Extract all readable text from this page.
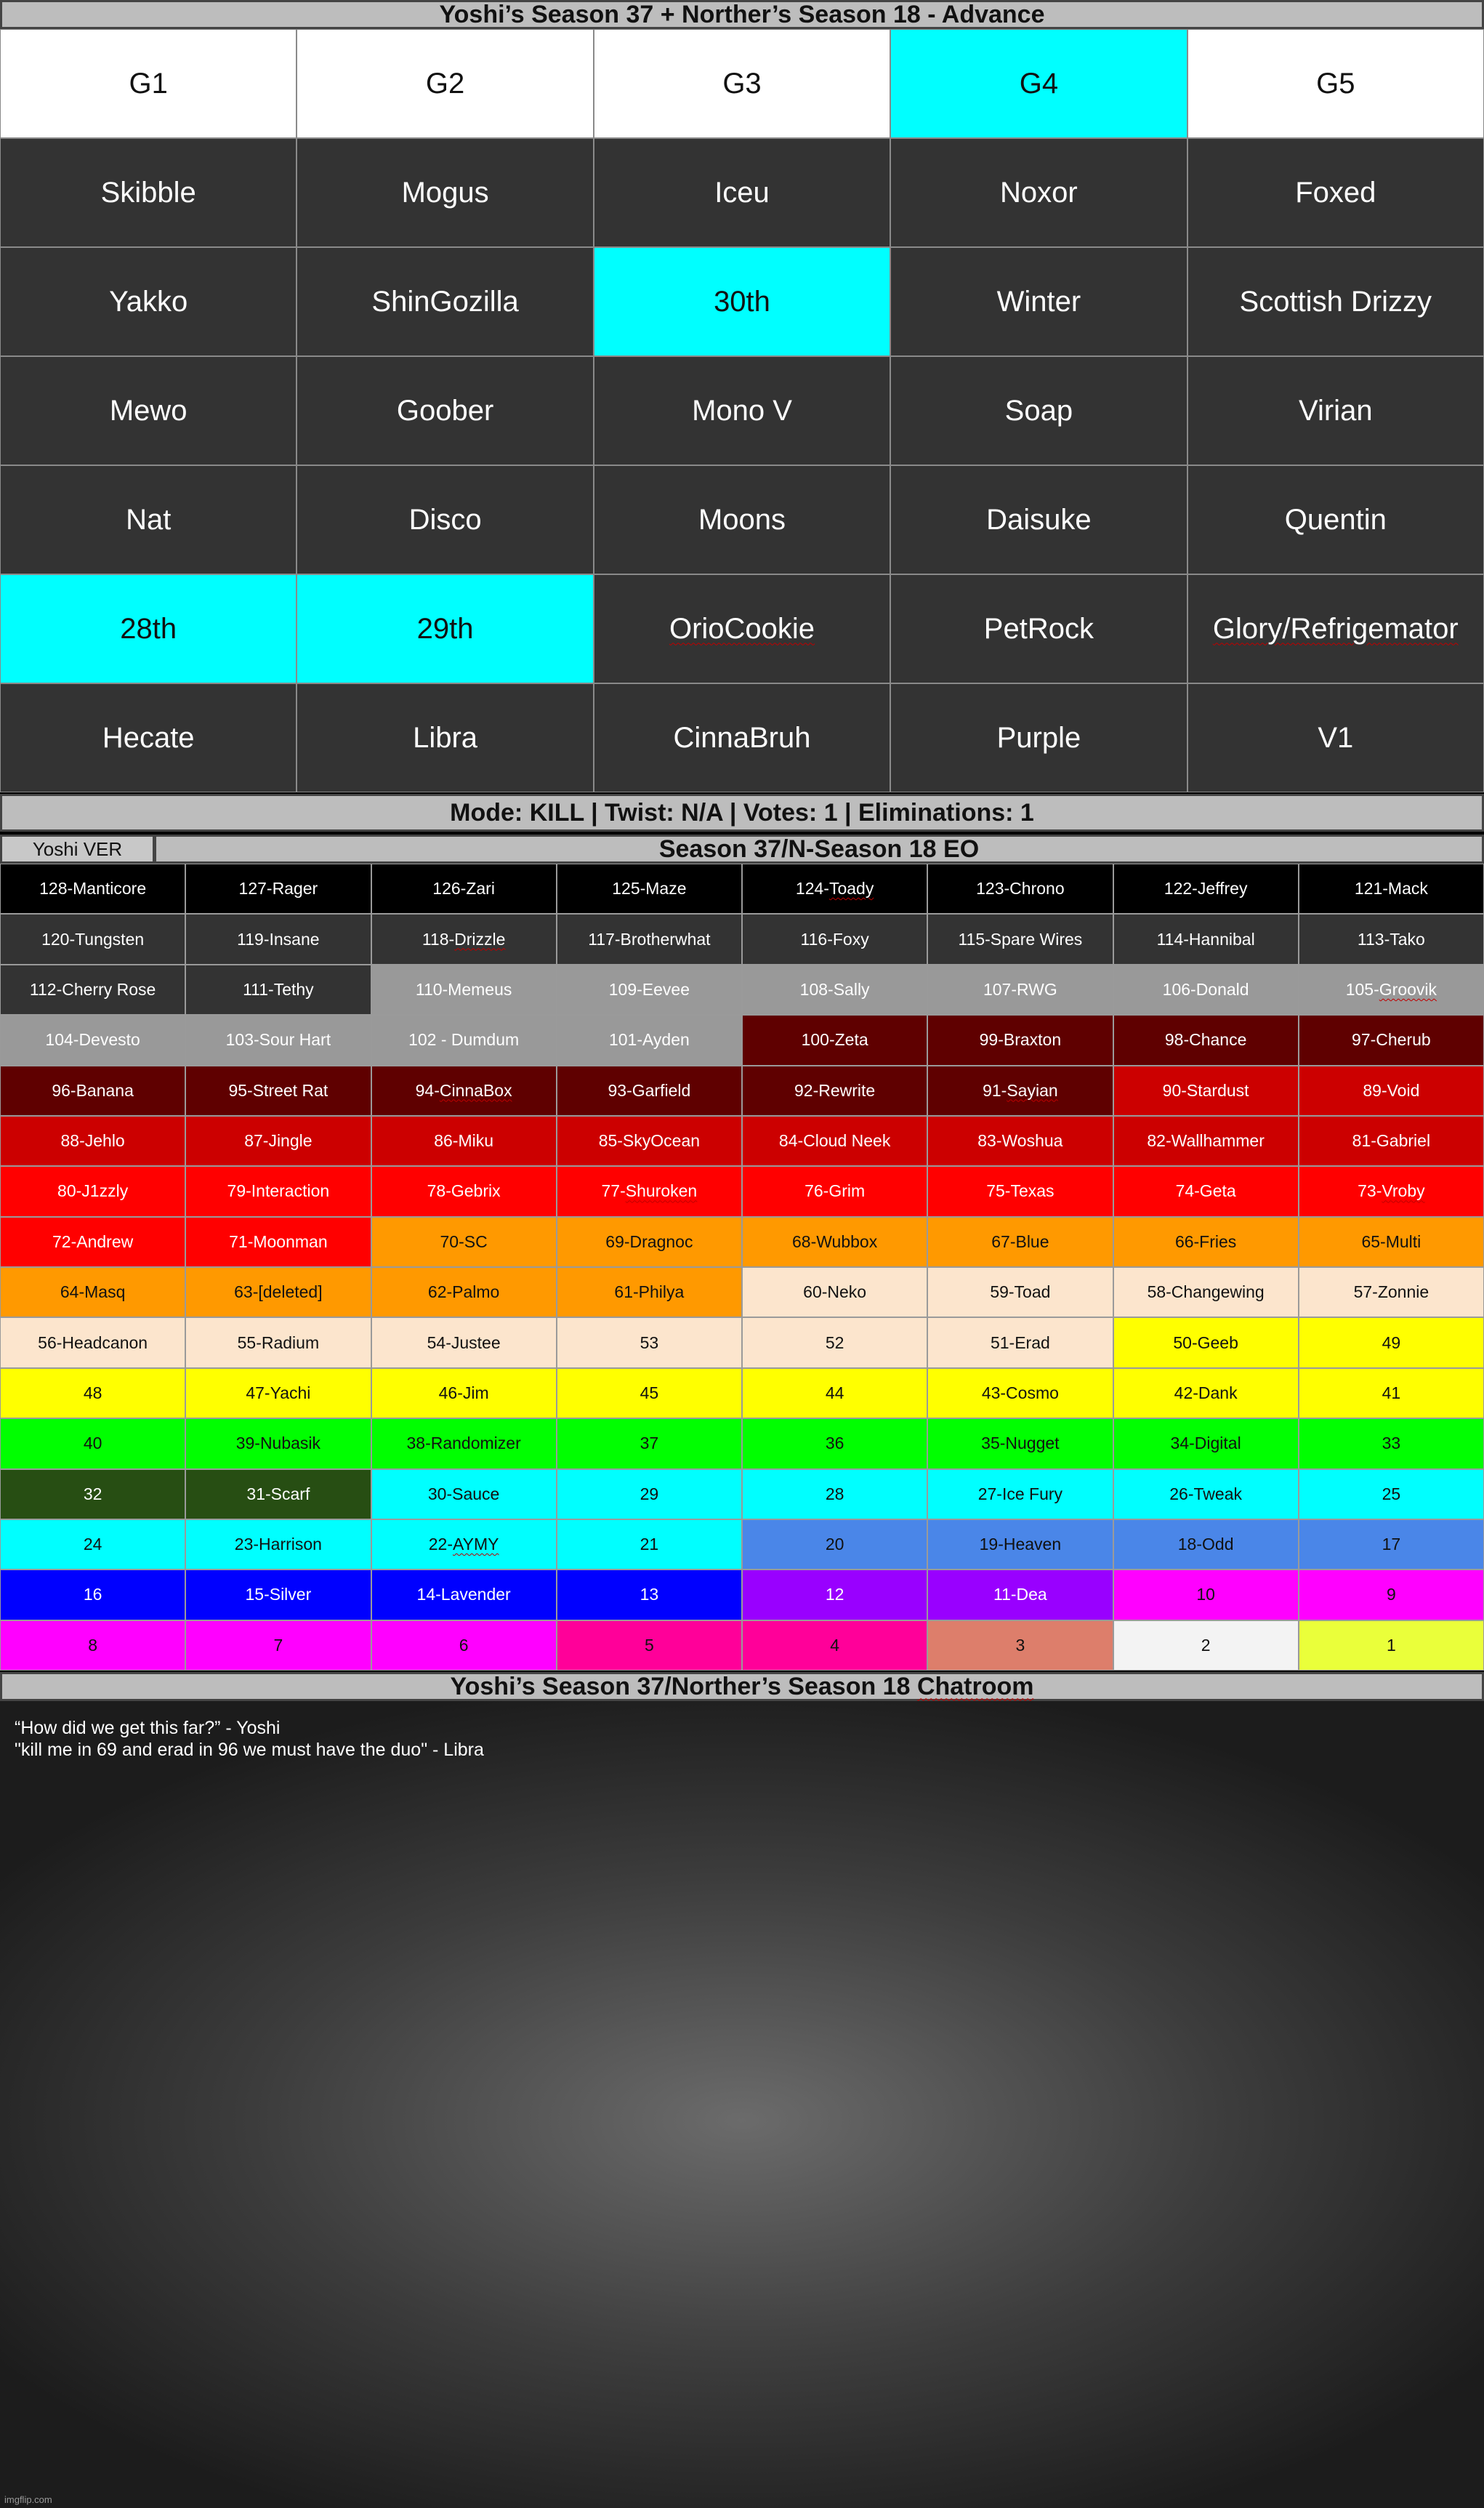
Yoshi’s Season 37 + Norther’s Season 18 - Advance
G1	G2	G3	G4	G5
Skibble	Mogus	Iceu	Noxor	Foxed
Yakko	ShinGozilla	30th	Winter	Scottish Drizzy
Mewo	Goober	Mono V	Soap	Virian
Nat	Disco	Moons	Daisuke	Quentin
28th	29th	OrioCookie	PetRock	Glory/Refrigemator
Hecate	Libra	CinnaBruh	Purple	V1
Mode: KILL | Twist: N/A | Votes: 1 | Eliminations: 1
Yoshi VER	Season 37/N-Season 18 EO
128-Manticore	127-Rager	126-Zari	125-Maze	124-Toady	123-Chrono	122-Jeffrey	121-Mack
120-Tungsten	119-Insane	118-Drizzle	117-Brotherwhat	116-Foxy	115-Spare Wires	114-Hannibal	113-Tako
112-Cherry Rose	111-Tethy	110-Memeus	109-Eevee	108-Sally	107-RWG	106-Donald	105-Groovik
104-Devesto	103-Sour Hart	102 - Dumdum	101-Ayden	100-Zeta	99-Braxton	98-Chance	97-Cherub
96-Banana	95-Street Rat	94-CinnaBox	93-Garfield	92-Rewrite	91-Sayian	90-Stardust	89-Void
88-Jehlo	87-Jingle	86-Miku	85-SkyOcean	84-Cloud Neek	83-Woshua	82-Wallhammer	81-Gabriel
80-J1zzly	79-Interaction	78-Gebrix	77-Shuroken	76-Grim	75-Texas	74-Geta	73-Vroby
72-Andrew	71-Moonman	70-SC	69-Dragnoc	68-Wubbox	67-Blue	66-Fries	65-Multi
64-Masq	63-[deleted]	62-Palmo	61-Philya	60-Neko	59-Toad	58-Changewing	57-Zonnie
56-Headcanon	55-Radium	54-Justee	53	52	51-Erad	50-Geeb	49
48	47-Yachi	46-Jim	45	44	43-Cosmo	42-Dank	41
40	39-Nubasik	38-Randomizer	37	36	35-Nugget	34-Digital	33
32	31-Scarf	30-Sauce	29	28	27-Ice Fury	26-Tweak	25
24	23-Harrison	22-AYMY	21	20	19-Heaven	18-Odd	17
16	15-Silver	14-Lavender	13	12	11-Dea	10	9
8	7	6	5	4	3	2	1
Yoshi’s Season 37/Norther’s Season 18 Chatroom
“How did we get this far?” - Yoshi
"kill me in 69 and erad in 96 we must have the duo" - Libra
imgflip.com
